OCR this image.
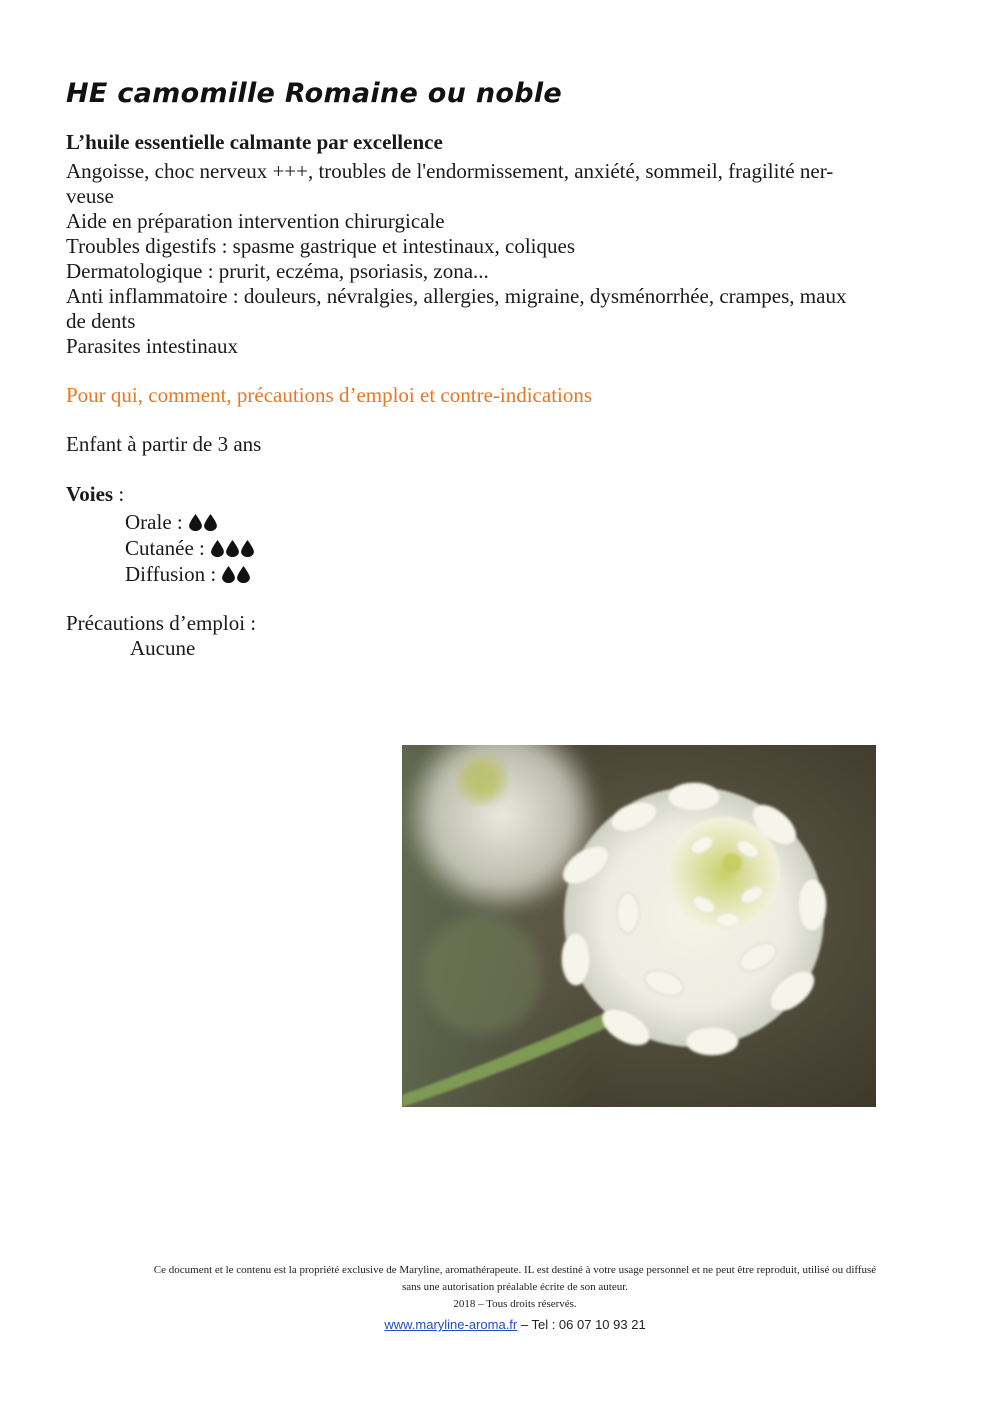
HE camomille Romaine ou noble

L’huile essentielle calmante par excellence

Angoisse, choc nerveux +++, troubles de l'endormissement, anxiété, sommeil, fragilité ner-
veuse
Aide en préparation intervention chirurgicale
Troubles digestifs : spasme gastrique et intestinaux, coliques
Dermatologique : prurit, eczéma, psoriasis, zona...
Anti inflammatoire : douleurs, névralgies, allergies, migraine, dysménorrhée, crampes, maux
de dents
Parasites intestinaux

Pour qui, comment, précautions d’emploi et contre-indications

Enfant à partir de 3 ans

Voies :

Orale :
Cutanée :
Diffusion :

Précautions d’emploi :

Aucune

Ce document et le contenu est la propriété exclusive de Maryline, aromathérapeute. IL est destiné à votre usage personnel et ne peut être reproduit, utilisé ou diffusé
sans une autorisation préalable écrite de son auteur.
2018 – Tous droits réservés.
www.maryline-aroma.fr – Tel : 06 07 10 93 21
